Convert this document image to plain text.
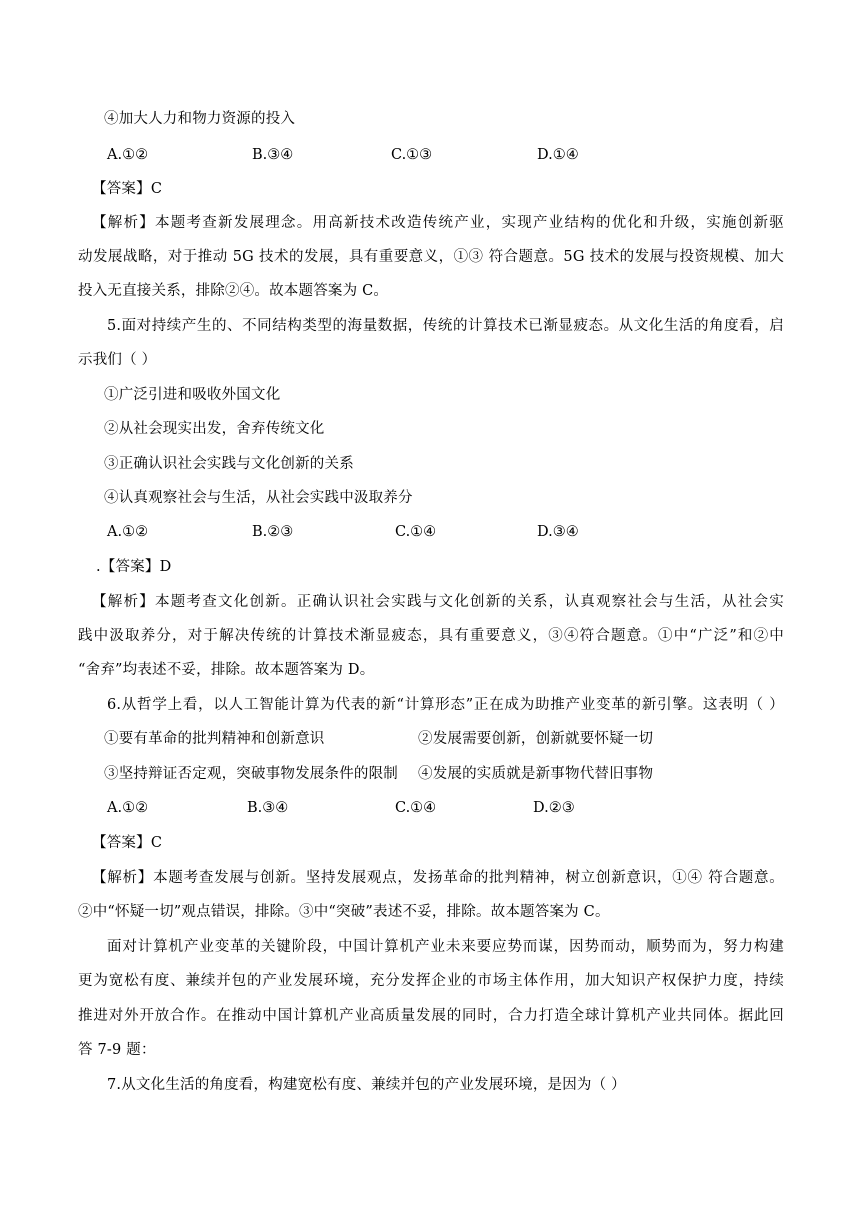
④加大人力和物力资源的投入
A.①②	B.③④	C.①③	D.①④
【答案】C
【解析】本题考查新发展理念。用高新技术改造传统产业，实现产业结构的优化和升级，实施创新驱
动发展战略，对于推动 5G 技术的发展，具有重要意义，①③ 符合题意。5G 技术的发展与投资规模、加大
投入无直接关系，排除②④。故本题答案为 C。
5.面对持续产生的、不同结构类型的海量数据，传统的计算技术已渐显疲态。从文化生活的角度看，启
示我们（ ）
①广泛引进和吸收外国文化
②从社会现实出发，舍弃传统文化
③正确认识社会实践与文化创新的关系
④认真观察社会与生活，从社会实践中汲取养分
A.①②	B.②③	C.①④	D.③④
.【答案】D
【解析】本题考查文化创新。正确认识社会实践与文化创新的关系，认真观察社会与生活，从社会实
践中汲取养分，对于解决传统的计算技术渐显疲态，具有重要意义，③④符合题意。①中“广泛”和②中
“舍弃”均表述不妥，排除。故本题答案为 D。
6.从哲学上看，以人工智能计算为代表的新“计算形态”正在成为助推产业变革的新引擎。这表明（ ）
①要有革命的批判精神和创新意识	②发展需要创新，创新就要怀疑一切
③坚持辩证否定观，突破事物发展条件的限制 ④发展的实质就是新事物代替旧事物
A.①②	B.③④	C.①④	D.②③
【答案】C
【解析】本题考查发展与创新。坚持发展观点，发扬革命的批判精神，树立创新意识，①④ 符合题意。
②中“怀疑一切”观点错误，排除。③中“突破”表述不妥，排除。故本题答案为 C。
面对计算机产业变革的关键阶段，中国计算机产业未来要应势而谋，因势而动，顺势而为，努力构建
更为宽松有度、兼续并包的产业发展环境，充分发挥企业的市场主体作用，加大知识产权保护力度，持续
推进对外开放合作。在推动中国计算机产业高质量发展的同时，合力打造全球计算机产业共同体。据此回
答 7-9 题：
7.从文化生活的角度看，构建宽松有度、兼续并包的产业发展环境，是因为（ ）
